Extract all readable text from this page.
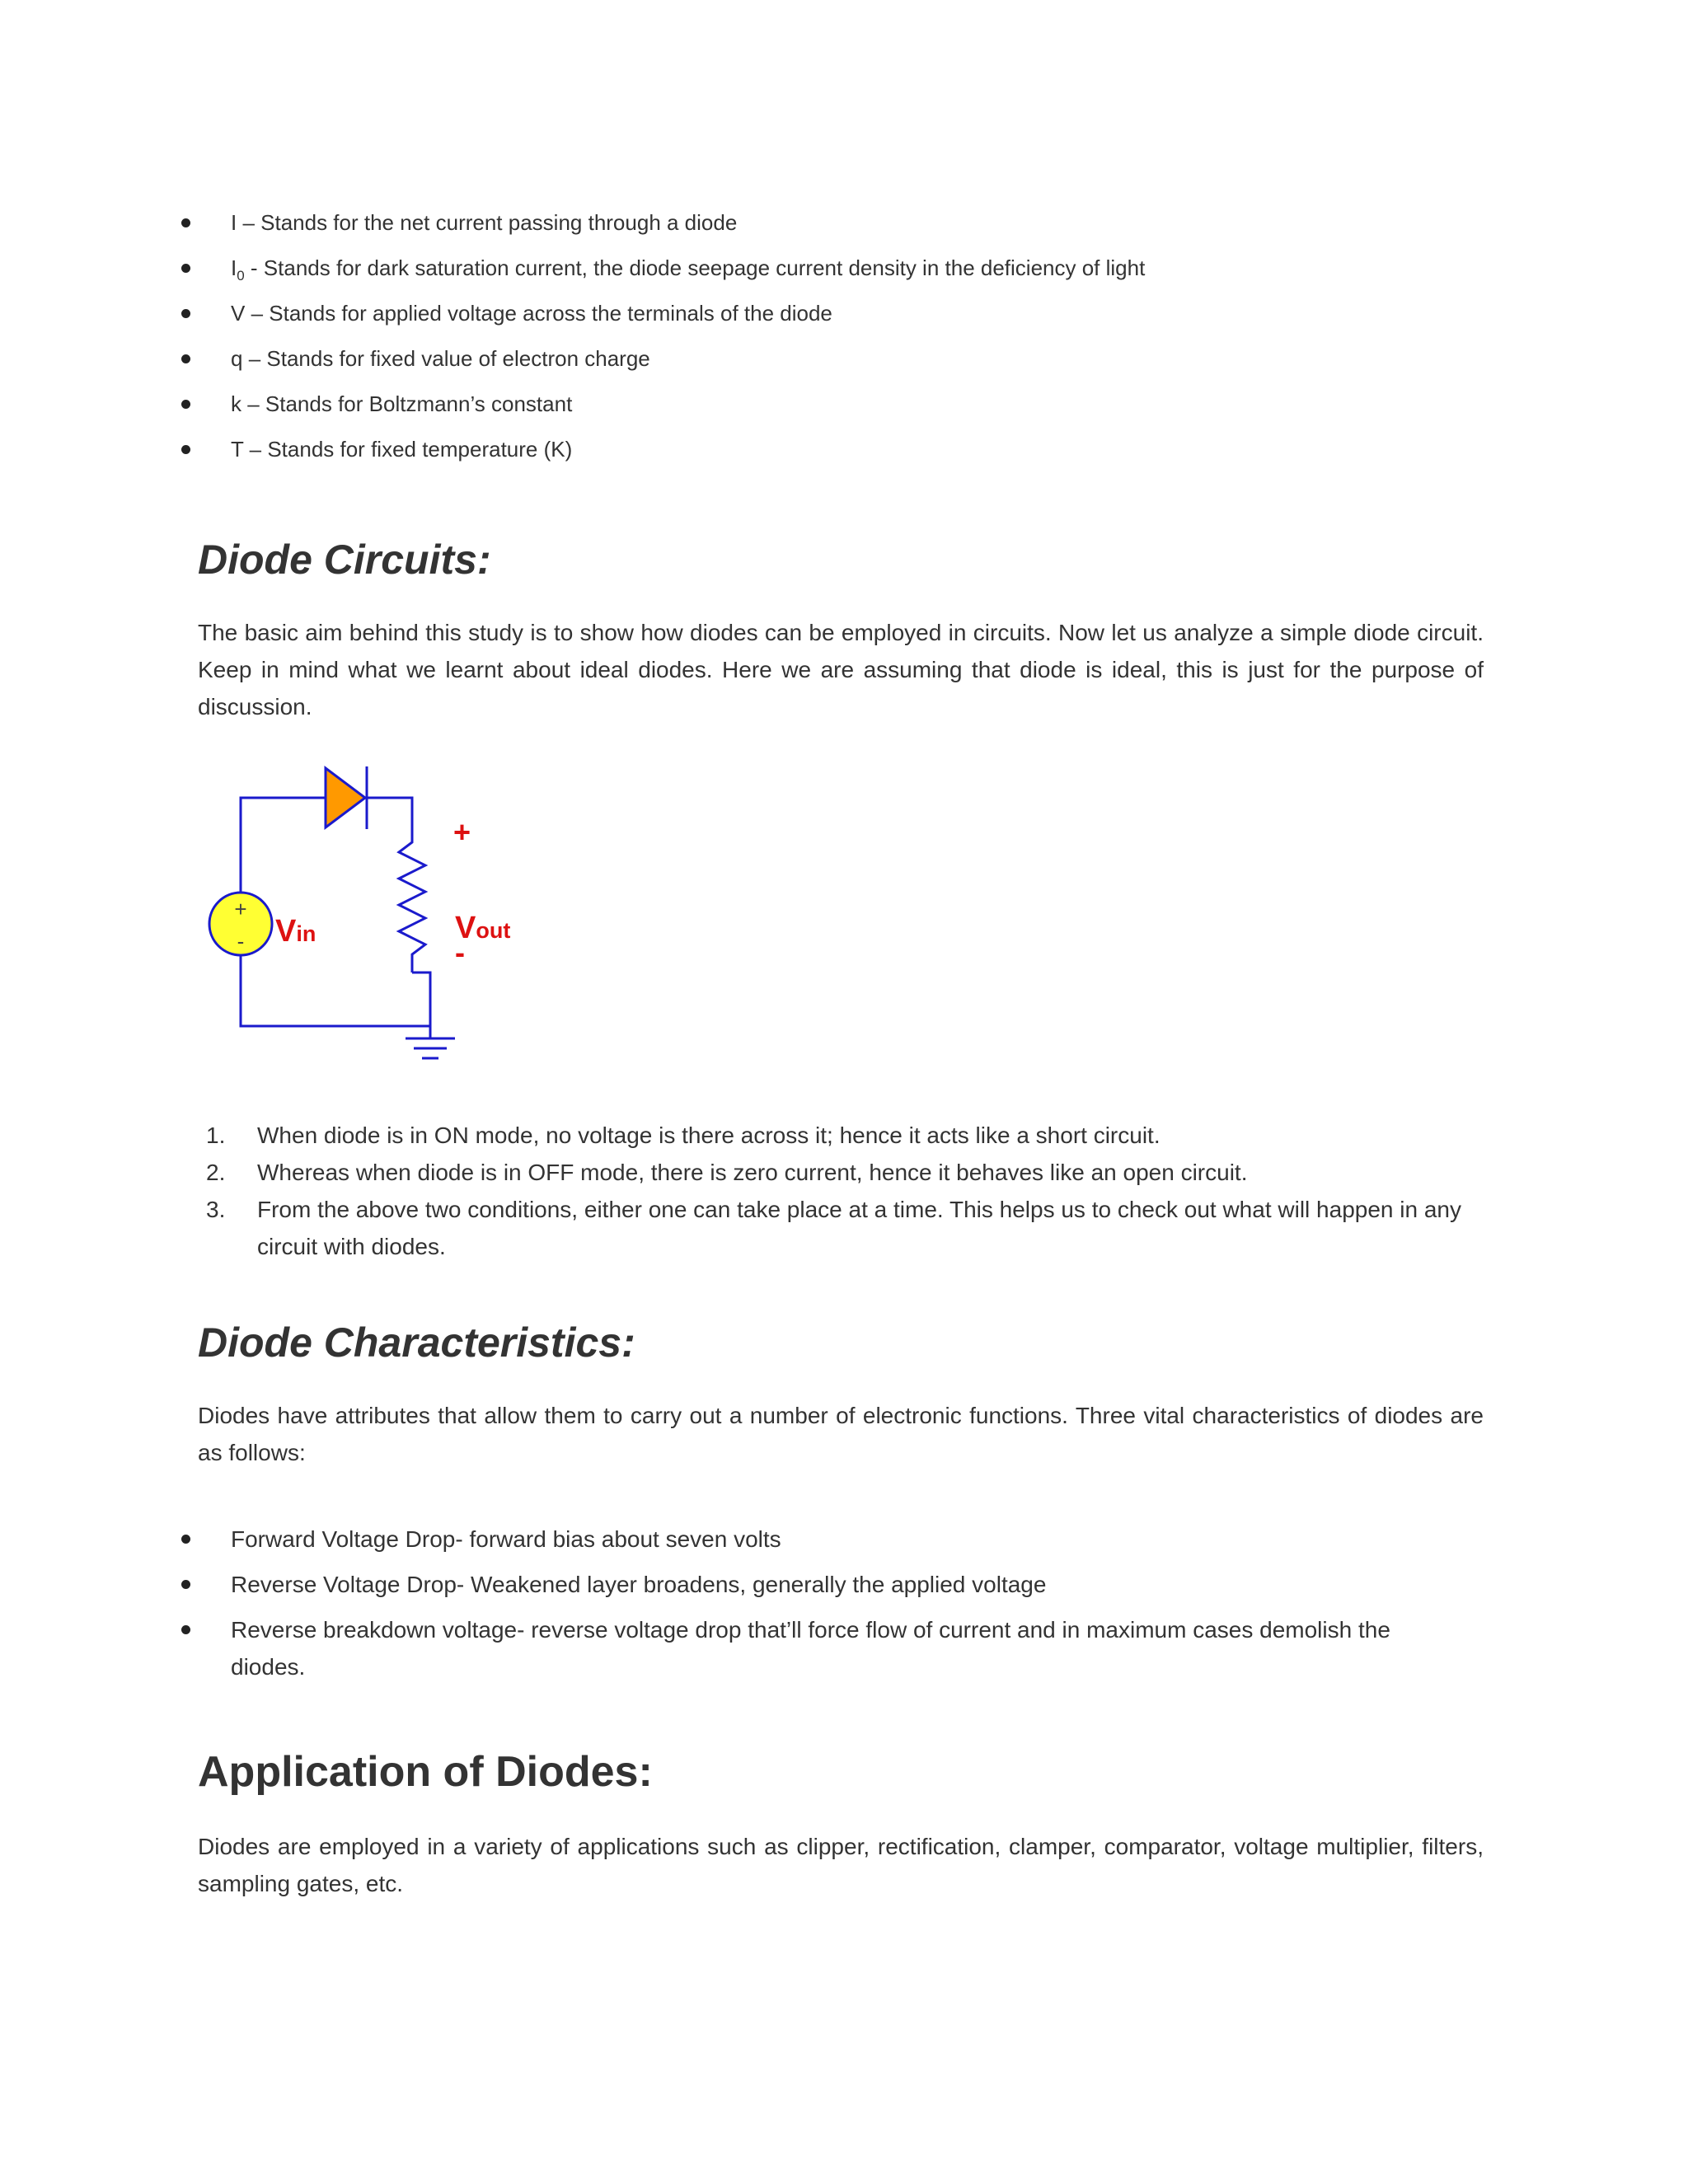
I – Stands for the net current passing through a diode
$I_0$ - Stands for dark saturation current, the diode seepage current density in the deficiency of light
V – Stands for applied voltage across the terminals of the diode
q – Stands for fixed value of electron charge
k – Stands for Boltzmann’s constant
T – Stands for fixed temperature (K)
Diode Circuits:

The basic aim behind this study is to show how diodes can be employed in circuits. Now let us analyze a simple diode circuit. Keep in mind what we learnt about ideal diodes. Here we are assuming that diode is ideal, this is just for the purpose of discussion.

+
- Vin	Vout
+
-
1. When diode is in ON mode, no voltage is there across it; hence it acts like a short circuit.
2. Whereas when diode is in OFF mode, there is zero current, hence it behaves like an open circuit.
3. From the above two conditions, either one can take place at a time. This helps us to check out what will happen in any circuit with diodes.
Diode Characteristics:

Diodes have attributes that allow them to carry out a number of electronic functions. Three vital characteristics of diodes are as follows:

Forward Voltage Drop- forward bias about seven volts
Reverse Voltage Drop- Weakened layer broadens, generally the applied voltage
Reverse breakdown voltage- reverse voltage drop that’ll force flow of current and in maximum cases demolish the diodes.
Application of Diodes:

Diodes are employed in a variety of applications such as clipper, rectification, clamper, comparator, voltage multiplier, filters, sampling gates, etc.
